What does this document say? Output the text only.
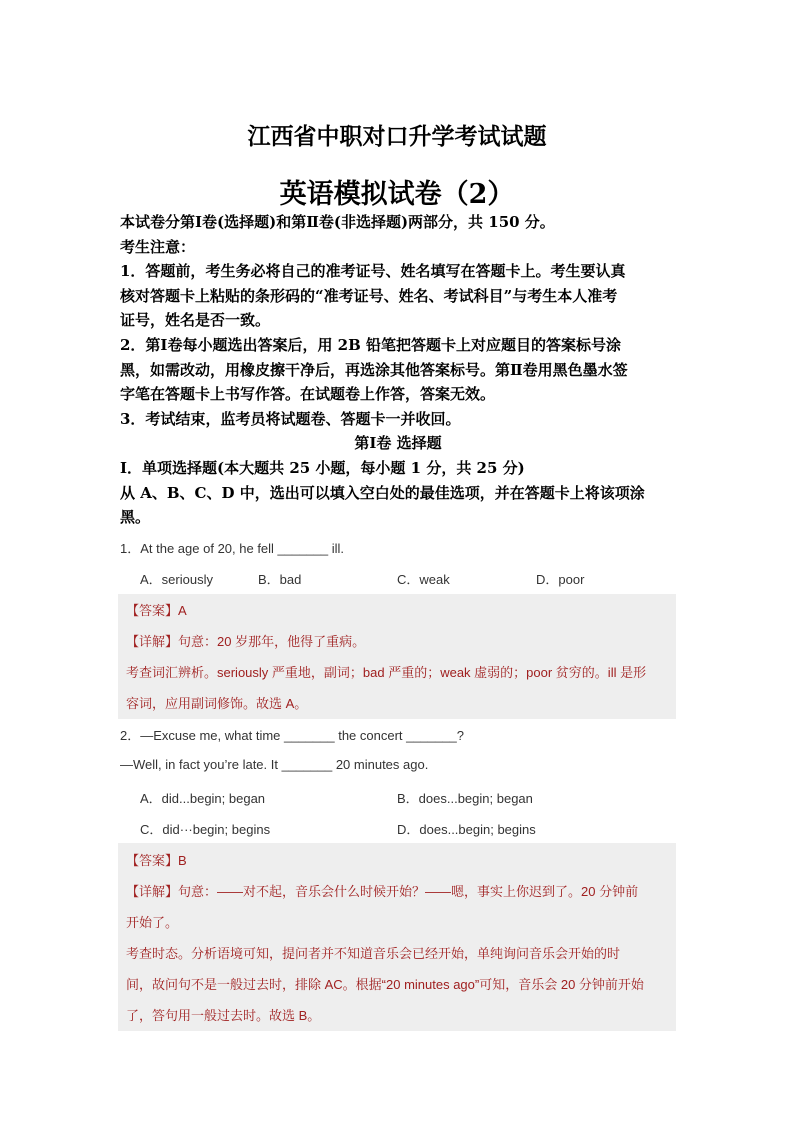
江西省中职对口升学考试试题
英语模拟试卷（2）
本试卷分第Ⅰ卷(选择题)和第Ⅱ卷(非选择题)两部分，共 150 分。
考生注意：
1．答题前，考生务必将自己的准考证号、姓名填写在答题卡上。考生要认真
核对答题卡上粘贴的条形码的“准考证号、姓名、考试科目”与考生本人准考
证号，姓名是否一致。
2．第Ⅰ卷每小题选出答案后，用 2B 铅笔把答题卡上对应题目的答案标号涂
黑，如需改动，用橡皮擦干净后，再选涂其他答案标号。第Ⅱ卷用黑色墨水签
字笔在答题卡上书写作答。在试题卷上作答，答案无效。
3．考试结束，监考员将试题卷、答题卡一并收回。
第Ⅰ卷 选择题
Ⅰ．单项选择题(本大题共 25 小题，每小题 1 分，共 25 分)
从 A、B、C、D 中，选出可以填入空白处的最佳选项，并在答题卡上将该项涂
黑。
1．At the age of 20, he fell _______ ill.
A．seriously	B．bad	C．weak	D．poor
【答案】A
【详解】句意：20 岁那年，他得了重病。
考查词汇辨析。seriously 严重地，副词；bad 严重的；weak 虚弱的；poor 贫穷的。ill 是形
容词，应用副词修饰。故选 A。
2．—Excuse me, what time _______ the concert _______?
—Well, in fact you’re late. It _______ 20 minutes ago.
A．did...begin; began	B．does...begin; began
C．did···begin; begins	D．does...begin; begins
【答案】B
【详解】句意：——对不起，音乐会什么时候开始？——嗯，事实上你迟到了。20 分钟前
开始了。
考查时态。分析语境可知，提问者并不知道音乐会已经开始，单纯询问音乐会开始的时
间，故问句不是一般过去时，排除 AC。根据“20 minutes ago”可知，音乐会 20 分钟前开始
了，答句用一般过去时。故选 B。
